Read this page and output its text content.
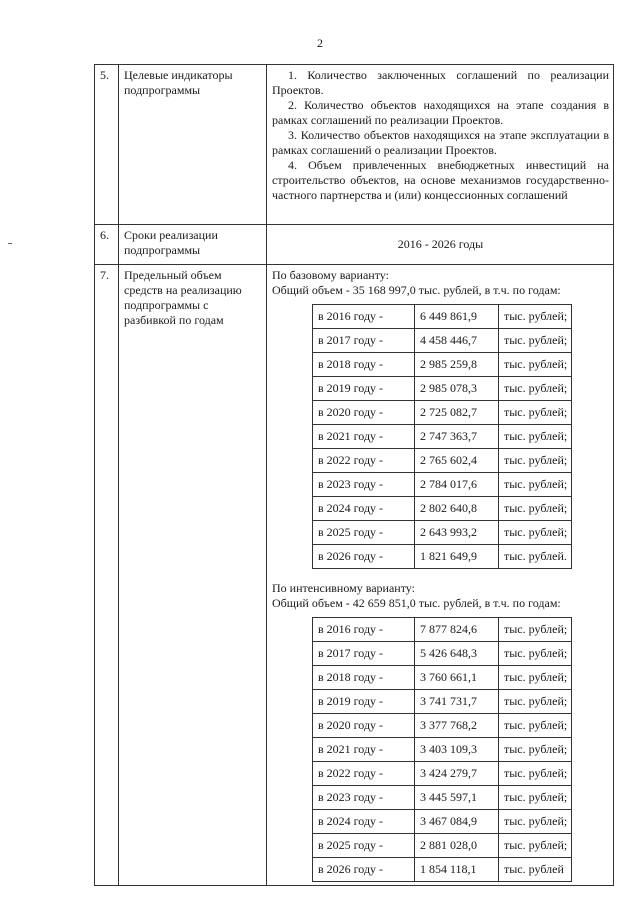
2
5.	Целевые индикаторы подпрограммы	

1. Количество заключенных соглашений по реализации Проектов.

2. Количество объектов находящихся на этапе создания в рамках соглашений по реализации Проектов.

3. Количество объектов находящихся на этапе эксплуатации в рамках соглашений о реализации Проектов.

4. Объем привлеченных внебюджетных инвестиций на строительство объектов, на основе механизмов государственно-частного партнерства и (или) концессионных соглашений

6.	Сроки реализации подпрограммы	2016 - 2026 годы
7.	Предельный объем средств на реализацию подпрограммы с разбивкой по годам	

По базовому варианту:

Общий объем - 35 168 997,0 тыс. рублей, в т.ч. по годам:

в 2016 году -	6 449 861,9	тыс. рублей;
в 2017 году -	4 458 446,7	тыс. рублей;
в 2018 году -	2 985 259,8	тыс. рублей;
в 2019 году -	2 985 078,3	тыс. рублей;
в 2020 году -	2 725 082,7	тыс. рублей;
в 2021 году -	2 747 363,7	тыс. рублей;
в 2022 году -	2 765 602,4	тыс. рублей;
в 2023 году -	2 784 017,6	тыс. рублей;
в 2024 году -	2 802 640,8	тыс. рублей;
в 2025 году -	2 643 993,2	тыс. рублей;
в 2026 году -	1 821 649,9	тыс. рублей.

По интенсивному варианту:

Общий объем - 42 659 851,0 тыс. рублей, в т.ч. по годам:

в 2016 году -	7 877 824,6	тыс. рублей;
в 2017 году -	5 426 648,3	тыс. рублей;
в 2018 году -	3 760 661,1	тыс. рублей;
в 2019 году -	3 741 731,7	тыс. рублей;
в 2020 году -	3 377 768,2	тыс. рублей;
в 2021 году -	3 403 109,3	тыс. рублей;
в 2022 году -	3 424 279,7	тыс. рублей;
в 2023 году -	3 445 597,1	тыс. рублей;
в 2024 году -	3 467 084,9	тыс. рублей;
в 2025 году -	2 881 028,0	тыс. рублей;
в 2026 году -	1 854 118,1	тыс. рублей
